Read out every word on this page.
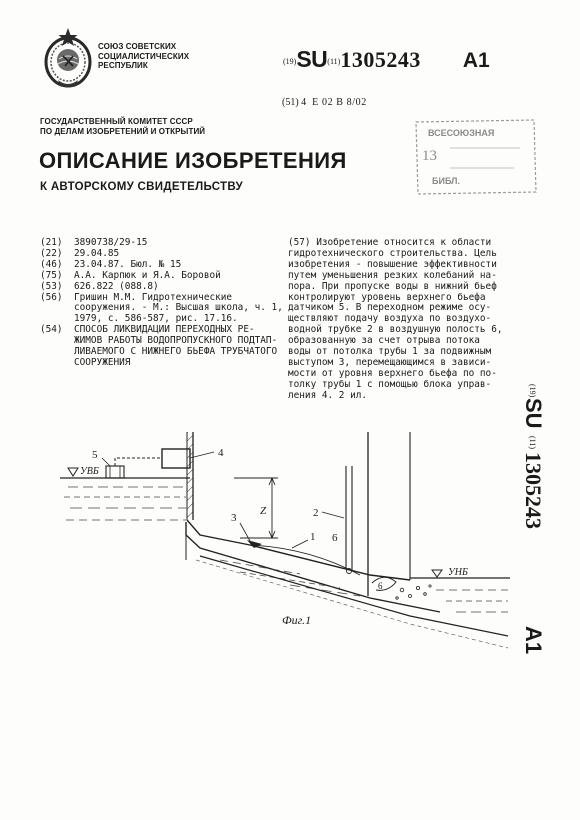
СОЮЗ СОВЕТСКИХ
СОЦИАЛИСТИЧЕСКИХ
РЕСПУБЛИК	(19)SU(11)1305243 A1
(51) 4 E 02 B 8/02
ГОСУДАРСТВЕННЫЙ КОМИТЕТ СССР
ПО ДЕЛАМ ИЗОБРЕТЕНИЙ И ОТКРЫТИЙ	ВСЕСОЮЗНАЯ
13
БИБЛ.
ОПИСАНИЕ ИЗОБРЕТЕНИЯ
К АВТОРСКОМУ СВИДЕТЕЛЬСТВУ
(21)	3890738/29-15
(22)	29.04.85
(46)	23.04.87. Бюл. № 15
(75)	А.А. Карпюк и Я.А. Боровой
(53)	626.822 (088.8)
(56)	Гришин М.М. Гидротехнические
сооружения. - М.: Высшая школа, ч. 1,
1979, с. 586-587, рис. 17.16.
(54)	СПОСОБ ЛИКВИДАЦИИ ПЕРЕХОДНЫХ РЕ-
ЖИМОВ РАБОТЫ ВОДОПРОПУСКНОГО ПОДТАП-
ЛИВАЕМОГО С НИЖНЕГО БЬЕФА ТРУБЧАТОГО
СООРУЖЕНИЯ
(57) Изобретение относится к области
гидротехнического строительства. Цель
изобретения - повышение эффективности
путем уменьшения резких колебаний на-
пора. При пропуске воды в нижний бьеф
контролируют уровень верхнего бьефа
датчиком 5. В переходном режиме осу-
ществляют подачу воздуха по воздухо-
водной трубке 2 в воздушную полость 6,
образованную за счет отрыва потока
воды от потолка трубы 1 за подвижным
выступом 3, перемещающимся в зависи-
мости от уровня верхнего бьефа по по-
толку трубы 1 с помощью блока управ-
ления 4. 2 ил.
УВБ
5	4
3	2
1 6
6
УНБ
Z
Фиг.1
(19)
SU
(11)
1305243
A1
